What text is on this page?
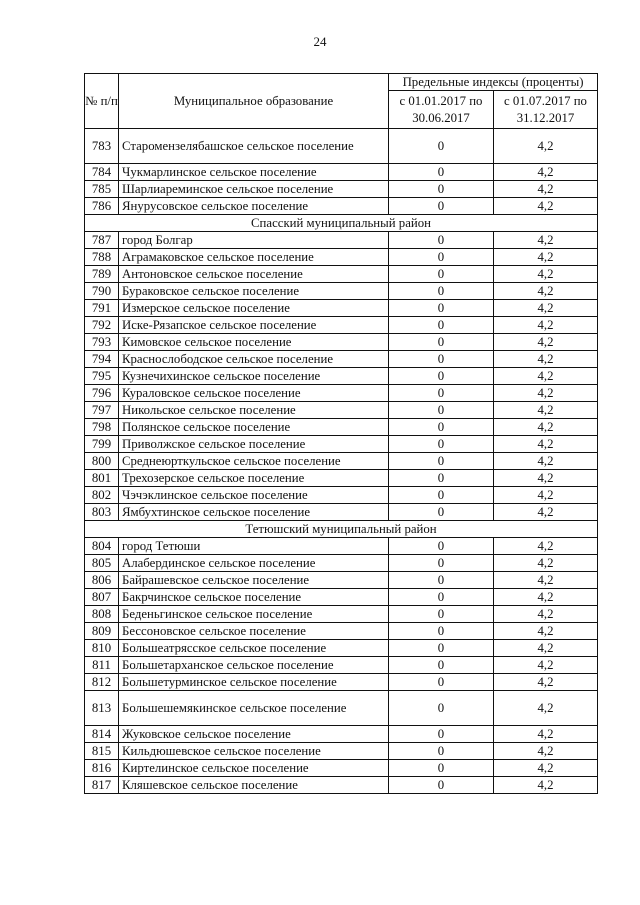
24
№ п/п	Муниципальное образование	Предельные индексы (проценты)	
		с 01.01.2017 по 30.06.2017	с 01.07.2017 по 31.12.2017
783	Старомензелябашское сельское поселение	0	4,2
784	Чукмарлинское сельское поселение	0	4,2
785	Шарлиареминское сельское поселение	0	4,2
786	Янурусовское сельское поселение	0	4,2
Спасский муниципальный район			
787	город Болгар	0	4,2
788	Аграмаковское сельское поселение	0	4,2
789	Антоновское сельское поселение	0	4,2
790	Бураковское сельское поселение	0	4,2
791	Измерское сельское поселение	0	4,2
792	Иске-Рязапское сельское поселение	0	4,2
793	Кимовское сельское поселение	0	4,2
794	Краснослободское сельское поселение	0	4,2
795	Кузнечихинское сельское поселение	0	4,2
796	Кураловское сельское поселение	0	4,2
797	Никольское сельское поселение	0	4,2
798	Полянское сельское поселение	0	4,2
799	Приволжское сельское поселение	0	4,2
800	Среднеюрткульское сельское поселение	0	4,2
801	Трехозерское сельское поселение	0	4,2
802	Чэчэклинское сельское поселение	0	4,2
803	Ямбухтинское сельское поселение	0	4,2
Тетюшский муниципальный район			
804	город Тетюши	0	4,2
805	Алабердинское сельское поселение	0	4,2
806	Байрашевское сельское поселение	0	4,2
807	Бакрчинское сельское поселение	0	4,2
808	Беденьгинское сельское поселение	0	4,2
809	Бессоновское сельское поселение	0	4,2
810	Большеатрясское сельское поселение	0	4,2
811	Большетарханское сельское поселение	0	4,2
812	Большетурминское сельское поселение	0	4,2
813	Большешемякинское сельское поселение	0	4,2
814	Жуковское сельское поселение	0	4,2
815	Кильдюшевское сельское поселение	0	4,2
816	Киртелинское сельское поселение	0	4,2
817	Кляшевское сельское поселение	0	4,2
